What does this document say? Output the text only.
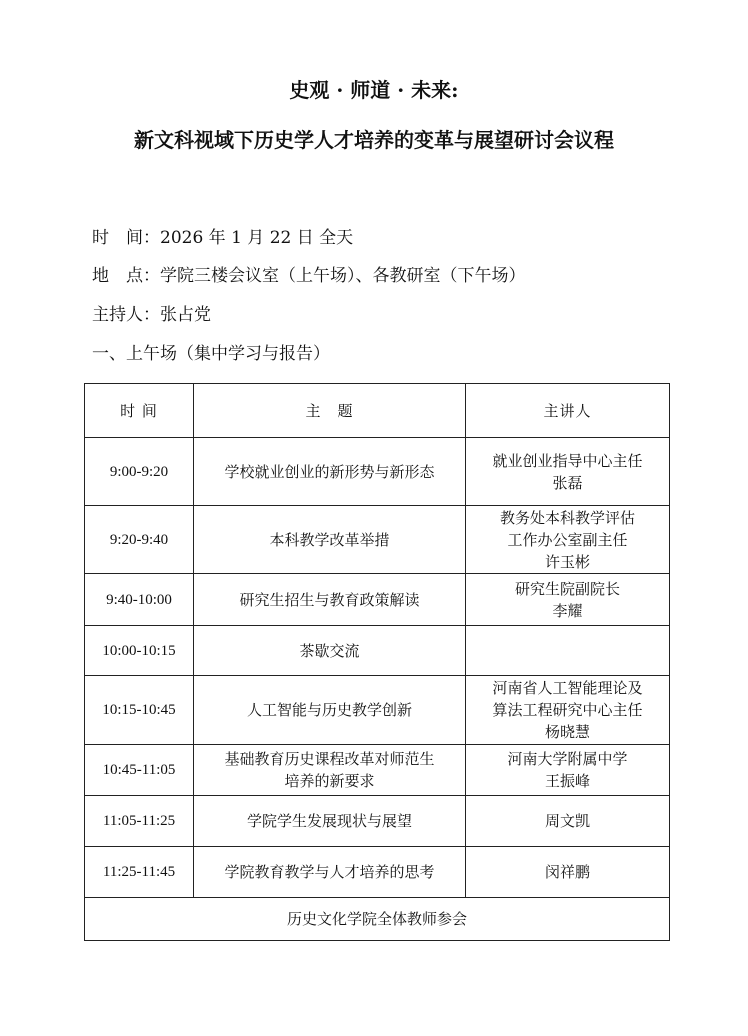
史观 · 师道 · 未来:
新文科视域下历史学人才培养的变革与展望研讨会议程
时　间：2026 年 1 月 22 日 全天
地　点：学院三楼会议室（上午场）、各教研室（下午场）
主持人：张占党
一、上午场（集中学习与报告）
时 间	主　题	主讲人
9:00-9:20	学校就业创业的新形势与新形态	就业创业指导中心主任
张磊

9:20-9:40	本科教学改革举措	教务处本科教学评估
工作办公室副主任
许玉彬

9:40-10:00	研究生招生与教育政策解读	研究生院副院长
李耀

10:00-10:15	茶歇交流	

10:15-10:45	人工智能与历史教学创新	河南省人工智能理论及
算法工程研究中心主任
杨晓慧

10:45-11:05	基础教育历史课程改革对师范生
培养的新要求	河南大学附属中学
王振峰

11:05-11:25	学院学生发展现状与展望	周文凯

11:25-11:45	学院教育教学与人才培养的思考	闵祥鹏

历史文化学院全体教师参会		
